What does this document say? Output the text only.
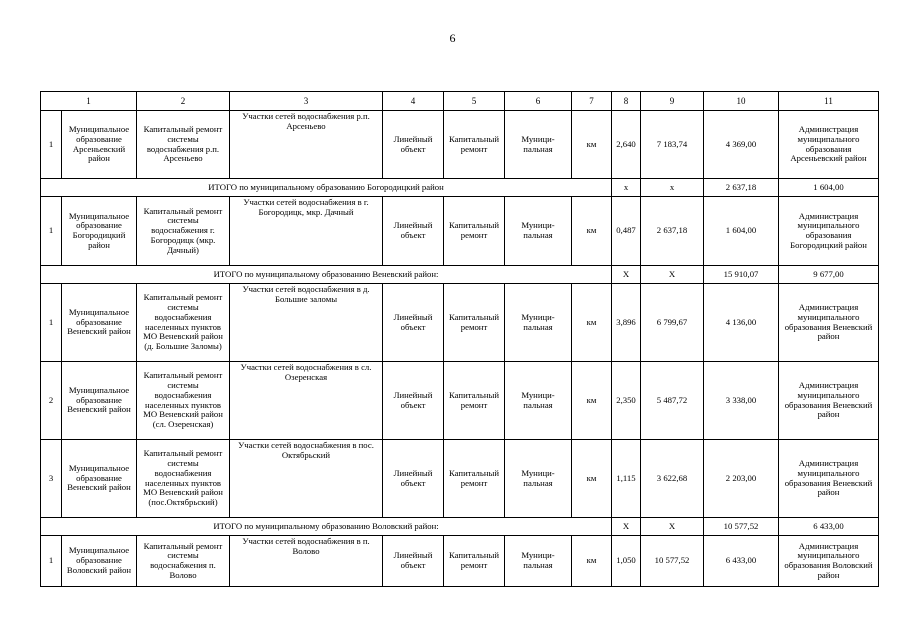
6
1		2	3	4	5	6	7	8	9	10	11	
1	Муниципальное образование Арсеньевский район	Капитальный ремонт системы водоснабжения р.п. Арсеньево	Участки сетей водоснабжения р.п. Арсеньево	Линейный объект	Капитальный ремонт	Муници-пальная	км	2,640	7 183,74	4 369,00	Администрация муниципального образования Арсеньевский район	
ИТОГО по муниципальному образованию Богородицкий район								х	х	2 637,18	1 604,00	
1	Муниципальное образование Богородицкий район	Капитальный ремонт системы водоснабжения г. Богородицк (мкр. Дачный)	Участки сетей водоснабжения в г. Богородицк, мкр. Дачный	Линейный объект	Капитальный ремонт	Муници-пальная	км	0,487	2 637,18	1 604,00	Администрация муниципального образования Богородицкий район	
ИТОГО по муниципальному образованию Веневский район:								Х	Х	15 910,07	9 677,00	
1	Муниципальное образование Веневский район	Капитальный ремонт системы водоснабжения населенных пунктов МО Веневский район (д. Большие Заломы)	Участки сетей водоснабжения в д. Большие заломы	Линейный объект	Капитальный ремонт	Муници-пальная	км	3,896	6 799,67	4 136,00	Администрация муниципального образования Веневский район	
2	Муниципальное образование Веневский район	Капитальный ремонт системы водоснабжения населенных пунктов МО Веневский район (сл. Озеренская)	Участки сетей водоснабжения в сл. Озеренская	Линейный объект	Капитальный ремонт	Муници-пальная	км	2,350	5 487,72	3 338,00	Администрация муниципального образования Веневский район	
3	Муниципальное образование Веневский район	Капитальный ремонт системы водоснабжения населенных пунктов МО Веневский район (пос.Октябрьский)	Участки сетей водоснабжения в пос. Октябрьский	Линейный объект	Капитальный ремонт	Муници-пальная	км	1,115	3 622,68	2 203,00	Администрация муниципального образования Веневский район	
ИТОГО по муниципальному образованию Воловский район:								Х	Х	10 577,52	6 433,00	
1	Муниципальное образование Воловский район	Капитальный ремонт системы водоснабжения п. Волово	Участки сетей водоснабжения в п. Волово	Линейный объект	Капитальный ремонт	Муници-пальная	км	1,050	10 577,52	6 433,00	Администрация муниципального образования Воловский район	
